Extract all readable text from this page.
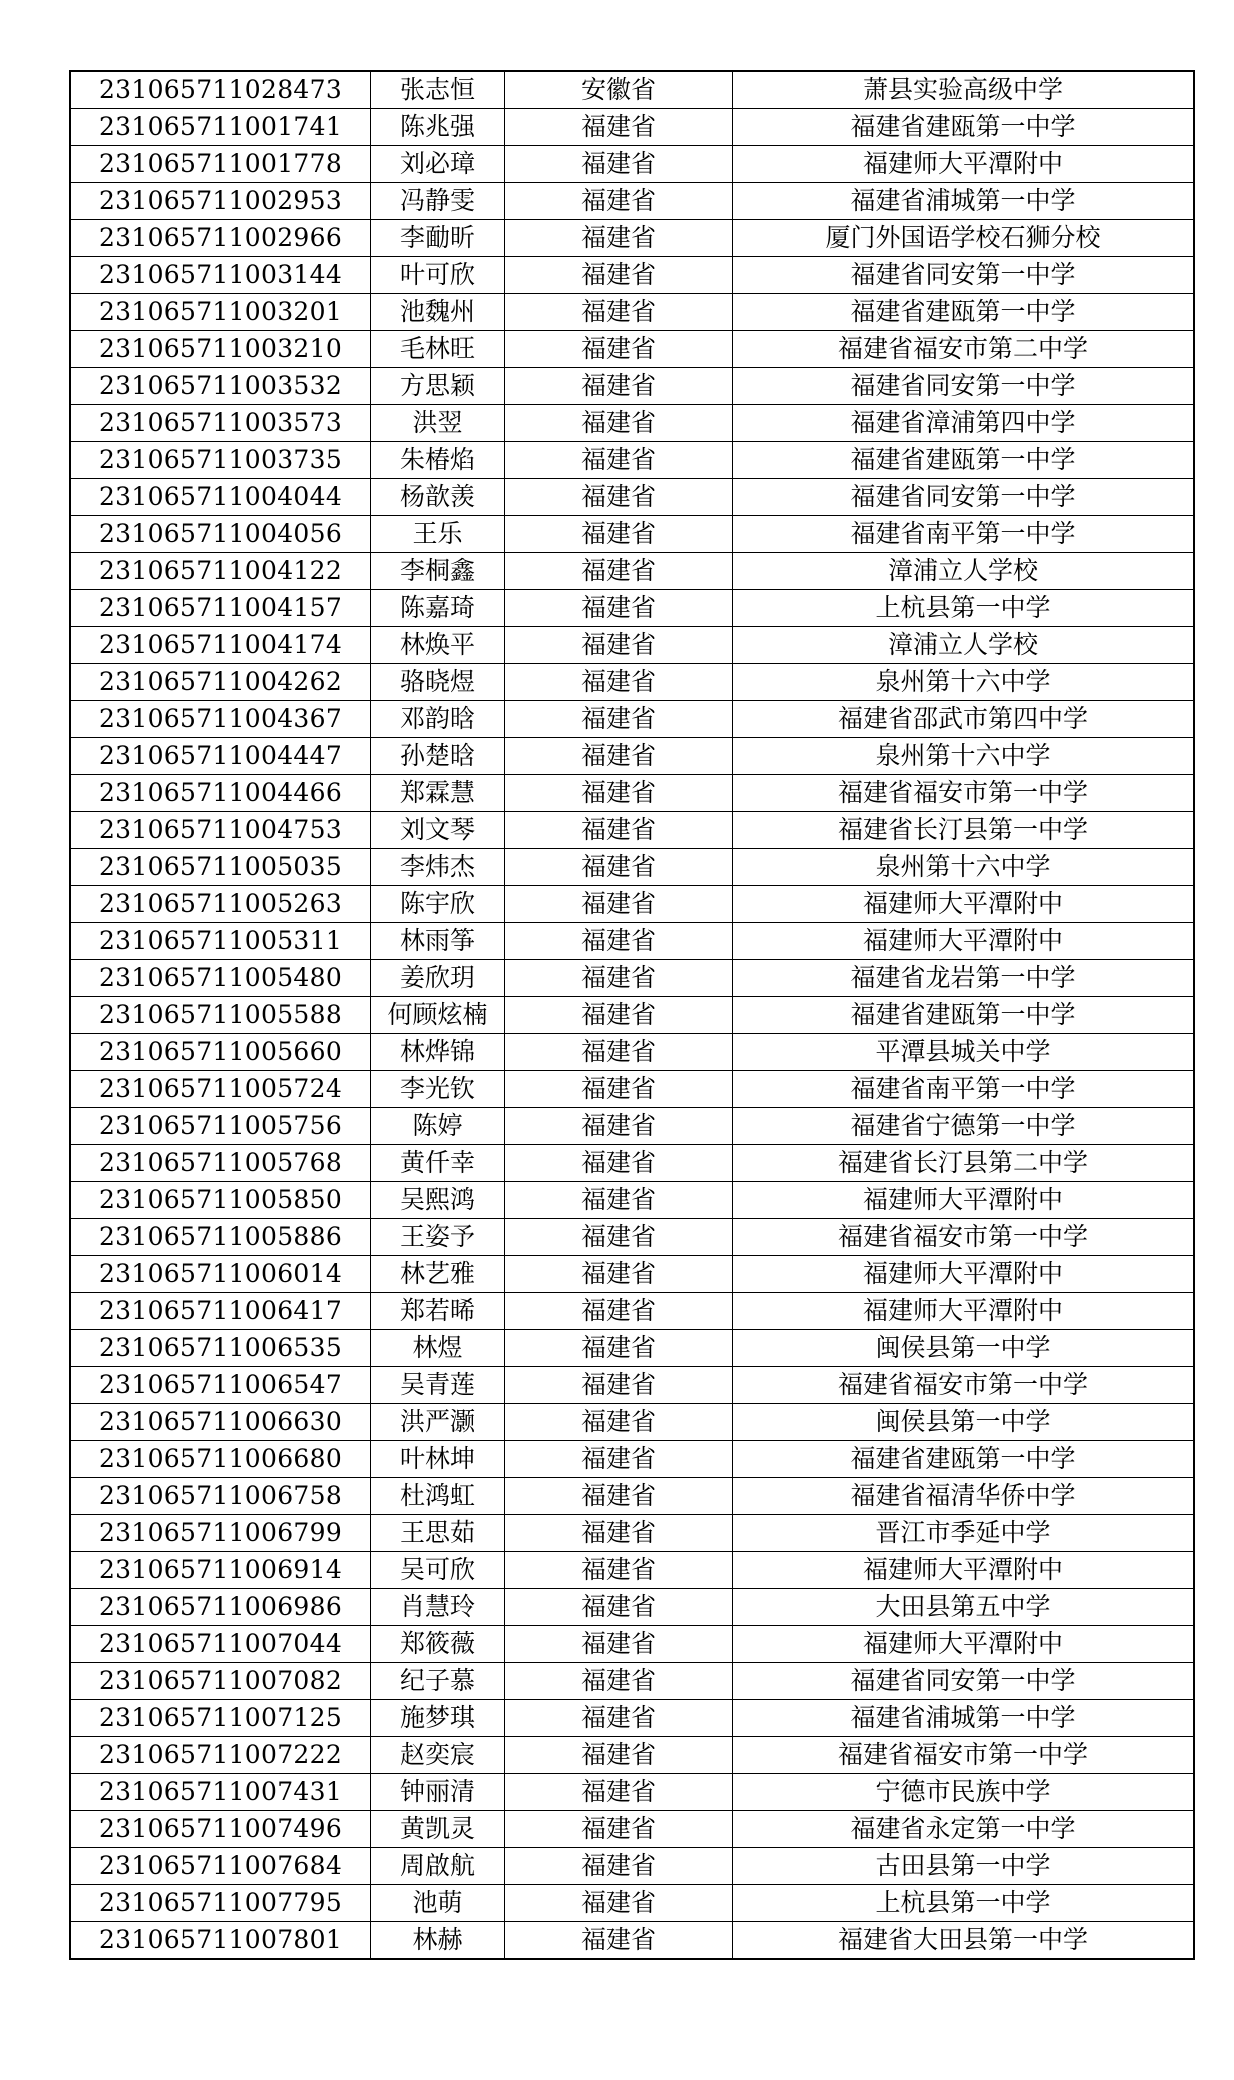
231065711028473	张志恒	安徽省	萧县实验高级中学
231065711001741	陈兆强	福建省	福建省建瓯第一中学
231065711001778	刘必璋	福建省	福建师大平潭附中
231065711002953	冯静雯	福建省	福建省浦城第一中学
231065711002966	李勔昕	福建省	厦门外国语学校石狮分校
231065711003144	叶可欣	福建省	福建省同安第一中学
231065711003201	池魏州	福建省	福建省建瓯第一中学
231065711003210	毛林旺	福建省	福建省福安市第二中学
231065711003532	方思颖	福建省	福建省同安第一中学
231065711003573	洪翌	福建省	福建省漳浦第四中学
231065711003735	朱椿焰	福建省	福建省建瓯第一中学
231065711004044	杨歆羡	福建省	福建省同安第一中学
231065711004056	王乐	福建省	福建省南平第一中学
231065711004122	李桐鑫	福建省	漳浦立人学校
231065711004157	陈嘉琦	福建省	上杭县第一中学
231065711004174	林焕平	福建省	漳浦立人学校
231065711004262	骆晓煜	福建省	泉州第十六中学
231065711004367	邓韵晗	福建省	福建省邵武市第四中学
231065711004447	孙楚晗	福建省	泉州第十六中学
231065711004466	郑霖慧	福建省	福建省福安市第一中学
231065711004753	刘文琴	福建省	福建省长汀县第一中学
231065711005035	李炜杰	福建省	泉州第十六中学
231065711005263	陈宇欣	福建省	福建师大平潭附中
231065711005311	林雨筝	福建省	福建师大平潭附中
231065711005480	姜欣玥	福建省	福建省龙岩第一中学
231065711005588	何顾炫楠	福建省	福建省建瓯第一中学
231065711005660	林烨锦	福建省	平潭县城关中学
231065711005724	李光钦	福建省	福建省南平第一中学
231065711005756	陈婷	福建省	福建省宁德第一中学
231065711005768	黄仟幸	福建省	福建省长汀县第二中学
231065711005850	吴熙鸿	福建省	福建师大平潭附中
231065711005886	王姿予	福建省	福建省福安市第一中学
231065711006014	林艺雅	福建省	福建师大平潭附中
231065711006417	郑若晞	福建省	福建师大平潭附中
231065711006535	林煜	福建省	闽侯县第一中学
231065711006547	吴青莲	福建省	福建省福安市第一中学
231065711006630	洪严灏	福建省	闽侯县第一中学
231065711006680	叶林坤	福建省	福建省建瓯第一中学
231065711006758	杜鸿虹	福建省	福建省福清华侨中学
231065711006799	王思茹	福建省	晋江市季延中学
231065711006914	吴可欣	福建省	福建师大平潭附中
231065711006986	肖慧玲	福建省	大田县第五中学
231065711007044	郑筱薇	福建省	福建师大平潭附中
231065711007082	纪子慕	福建省	福建省同安第一中学
231065711007125	施梦琪	福建省	福建省浦城第一中学
231065711007222	赵奕宸	福建省	福建省福安市第一中学
231065711007431	钟丽清	福建省	宁德市民族中学
231065711007496	黄凯灵	福建省	福建省永定第一中学
231065711007684	周啟航	福建省	古田县第一中学
231065711007795	池萌	福建省	上杭县第一中学
231065711007801	林赫	福建省	福建省大田县第一中学
